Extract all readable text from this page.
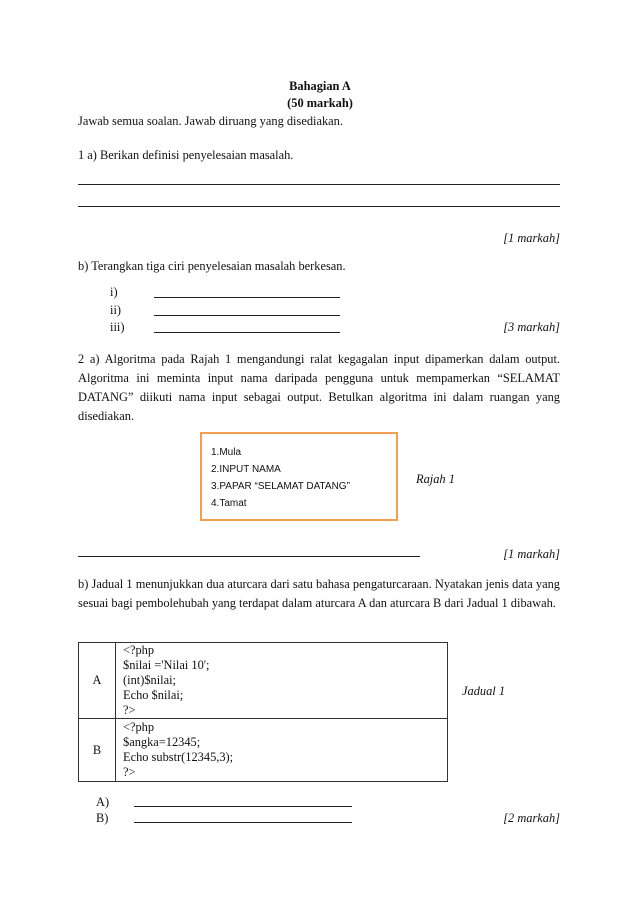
Bahagian A
(50 markah)
Jawab semua soalan. Jawab diruang yang disediakan.
1 a) Berikan definisi penyelesaian masalah.
[1 markah]
b) Terangkan tiga ciri penyelesaian masalah berkesan.
i)
ii)
iii)	[3 markah]
2 a) Algoritma pada Rajah 1 mengandungi ralat kegagalan input dipamerkan dalam output. Algoritma ini meminta input nama daripada pengguna untuk mempamerkan “SELAMAT DATANG” diikuti nama input sebagai output. Betulkan algoritma ini dalam ruangan yang disediakan.
1.Mula
2.INPUT NAMA
3.PAPAR “SELAMAT DATANG”
4.Tamat
Rajah 1
[1 markah]
b) Jadual 1 menunjukkan dua aturcara dari satu bahasa pengaturcaraan. Nyatakan jenis data yang sesuai bagi pembolehubah yang terdapat dalam aturcara A dan aturcara B dari Jadual 1 dibawah.
A	<?php
$nilai ='Nilai 10';
(int)$nilai;
Echo $nilai;
?>

B	<?php
$angka=12345;
Echo substr(12345,3);
?>
Jadual 1
A)
B)	[2 markah]
